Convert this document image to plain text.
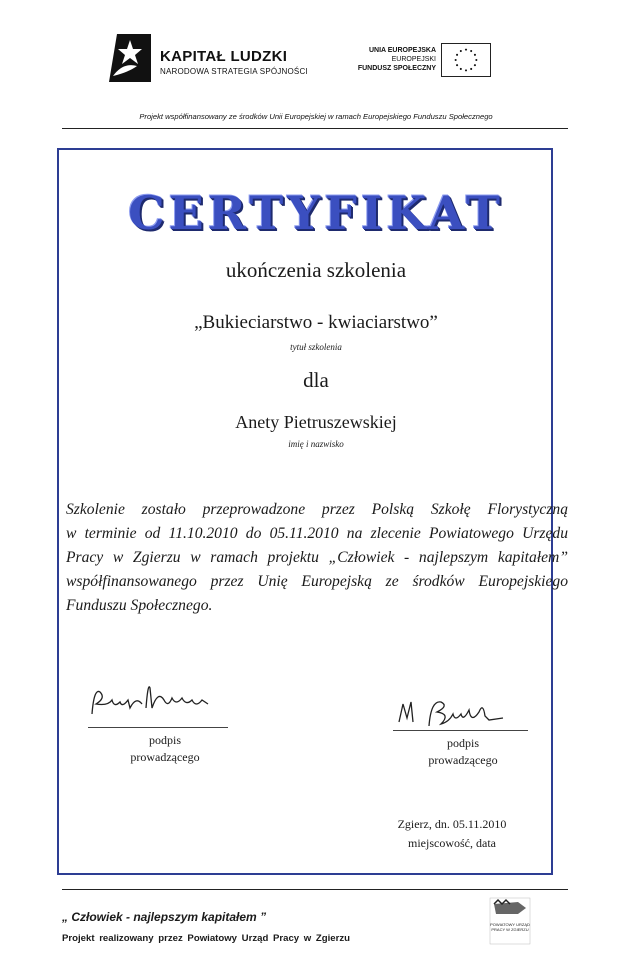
KAPITAŁ LUDZKI
NARODOWA STRATEGIA SPÓJNOŚCI
UNIA EUROPEJSKA
EUROPEJSKI
FUNDUSZ SPOŁECZNY
Projekt współfinansowany ze środków Unii Europejskiej w ramach Europejskiego Funduszu Społecznego
CERTYFIKAT
ukończenia szkolenia
„Bukieciarstwo - kwiaciarstwo”
tytuł szkolenia
dla
Anety Pietruszewskiej
imię i nazwisko

Szkolenie zostało przeprowadzone przez Polską Szkołę Florystyczną

w terminie od 11.10.2010 do 05.11.2010 na zlecenie Powiatowego Urzędu

Pracy w Zgierzu w ramach projektu „Człowiek - najlepszym kapitałem”

współfinansowanego przez Unię Europejską ze środków Europejskiego

Funduszu Społecznego.

podpis
prowadzącego
podpis
prowadzącego
Zgierz, dn. 05.11.2010
miejscowość, data
„ Człowiek - najlepszym kapitałem ”
Projekt realizowany przez Powiatowy Urząd Pracy w Zgierzu
POWIATOWY URZĄD PRACY W ZGIERZU
